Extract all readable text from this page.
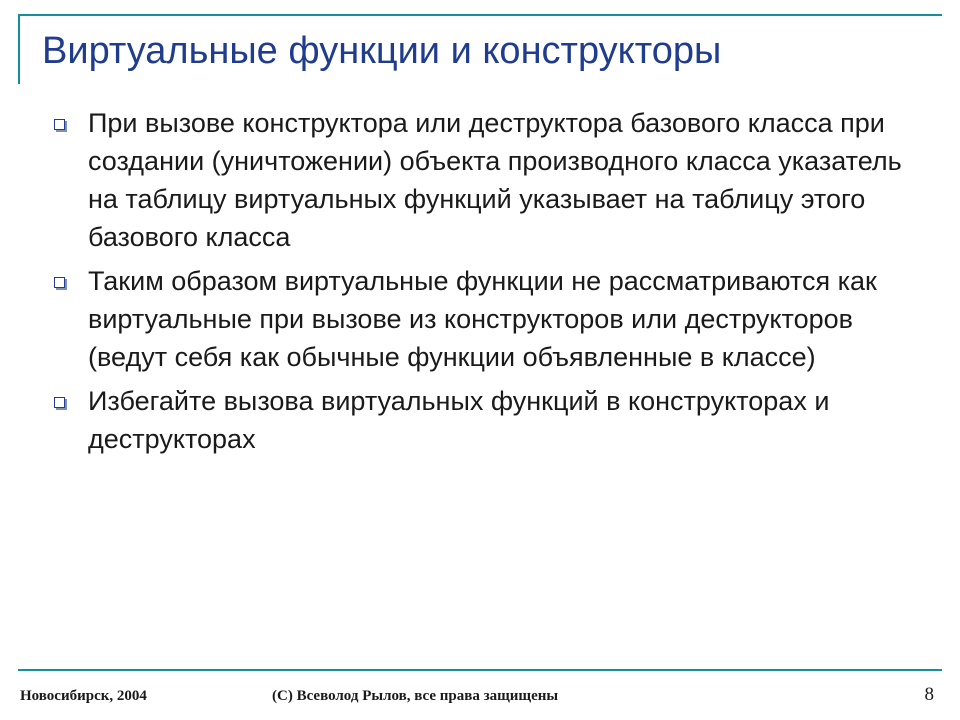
Виртуальные функции и конструкторы
При вызове конструктора или деструктора базового класса при создании (уничтожении) объекта производного класса указатель на таблицу виртуальных функций указывает на таблицу этого базового класса
Таким образом виртуальные функции не рассматриваются как виртуальные при вызове из конструкторов или деструкторов (ведут себя как обычные функции объявленные в классе)
Избегайте вызова виртуальных функций в конструкторах и деструкторах
Новосибирск, 2004	(C) Всеволод Рылов, все права защищены	8
